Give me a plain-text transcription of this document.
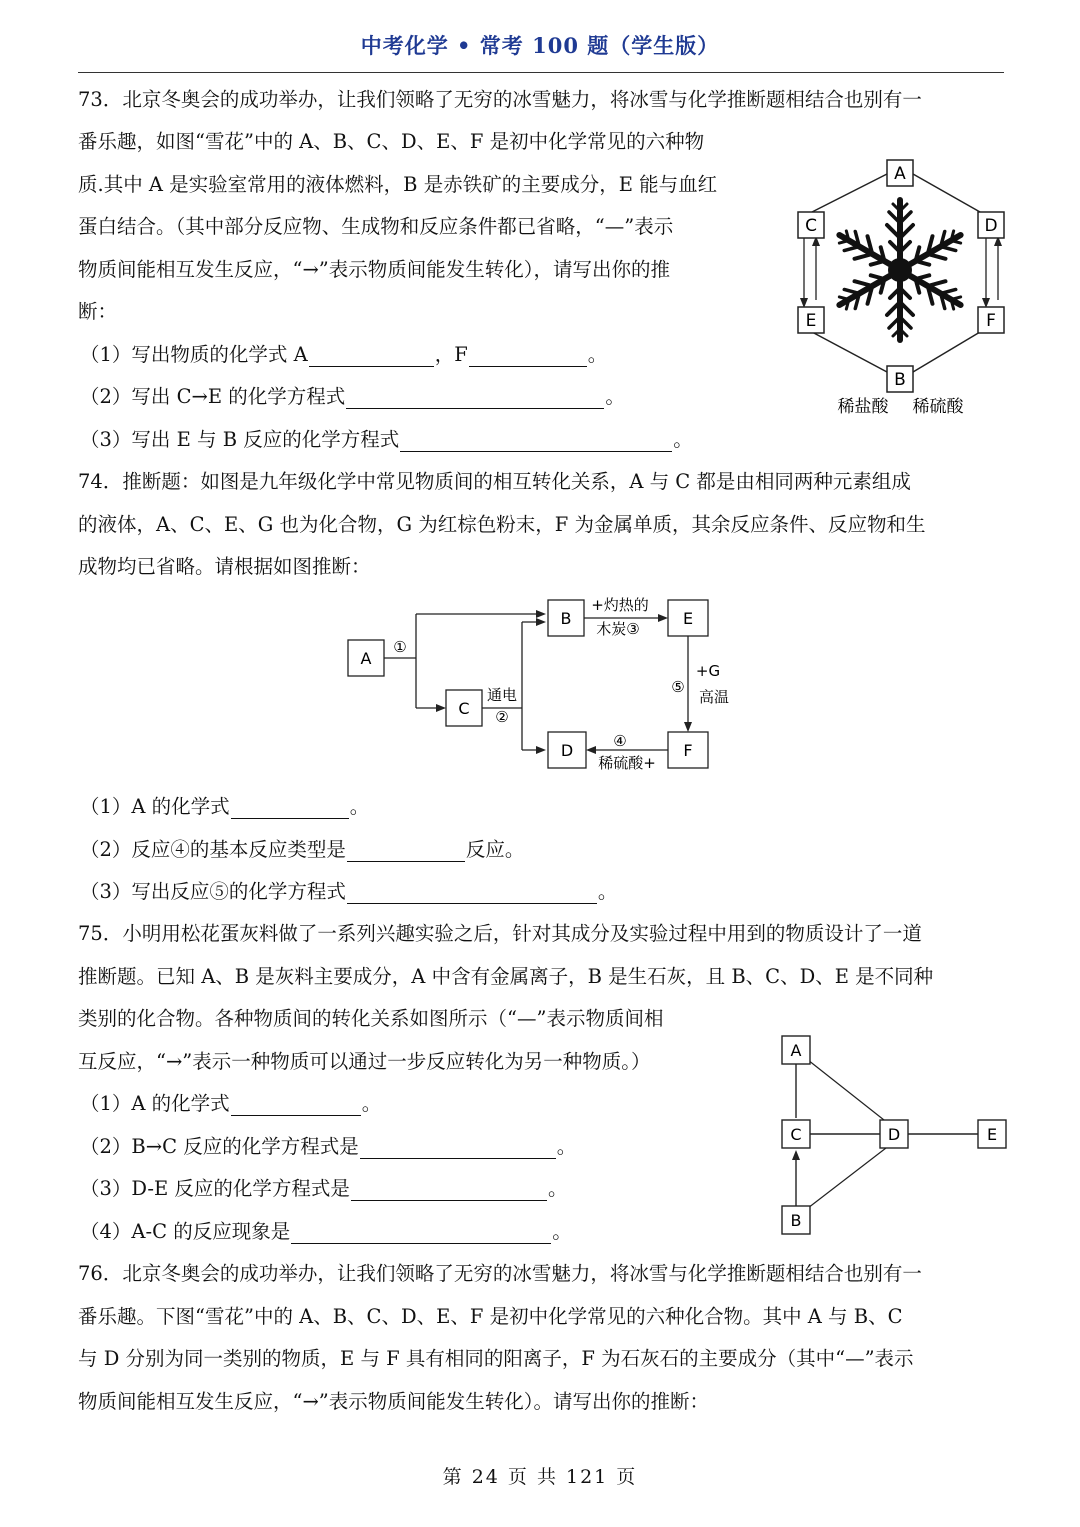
中考化学 • 常考 100 题（学生版）
73．北京冬奥会的成功举办，让我们领略了无穷的冰雪魅力，将冰雪与化学推断题相结合也别有一
番乐趣，如图“雪花”中的 A、B、C、D、E、F 是初中化学常见的六种物
质.其中 A 是实验室常用的液体燃料，B 是赤铁矿的主要成分，E 能与血红
蛋白结合。（其中部分反应物、生成物和反应条件都已省略，“—”表示
物质间能相互发生反应，“→”表示物质间能发生转化），请写出你的推
断：
（1）写出物质的化学式 A	，F	。
（2）写出 C→E 的化学方程式	。
（3）写出 E 与 B 反应的化学方程式	。
A
C	D
E	F
B
稀盐酸 稀硫酸
74．推断题：如图是九年级化学中常见物质间的相互转化关系，A 与 C 都是由相同两种元素组成
的液体，A、C、E、G 也为化合物，G 为红棕色粉末，F 为金属单质，其余反应条件、反应物和生
成物均已省略。请根据如图推断：
A
①
C
通电
②
B
+灼热的
木炭③
E
⑤
+G
高温
F
④
稀硫酸+
D
（1）A 的化学式	。
（2）反应④的基本反应类型是	反应。
（3）写出反应⑤的化学方程式	。
75．小明用松花蛋灰料做了一系列兴趣实验之后，针对其成分及实验过程中用到的物质设计了一道
推断题。已知 A、B 是灰料主要成分，A 中含有金属离子，B 是生石灰，且 B、C、D、E 是不同种
类别的化合物。各种物质间的转化关系如图所示（“—”表示物质间相
互反应，“→”表示一种物质可以通过一步反应转化为另一种物质。）
（1）A 的化学式	。
（2）B→C 反应的化学方程式是	。
（3）D-E 反应的化学方程式是	。
（4）A-C 的反应现象是	。
A
C	D	E
B
76．北京冬奥会的成功举办，让我们领略了无穷的冰雪魅力，将冰雪与化学推断题相结合也别有一
番乐趣。下图“雪花”中的 A、B、C、D、E、F 是初中化学常见的六种化合物。其中 A 与 B、C
与 D 分别为同一类别的物质，E 与 F 具有相同的阳离子，F 为石灰石的主要成分（其中“—”表示
物质间能相互发生反应，“→”表示物质间能发生转化）。请写出你的推断：
第 24 页 共 121 页
